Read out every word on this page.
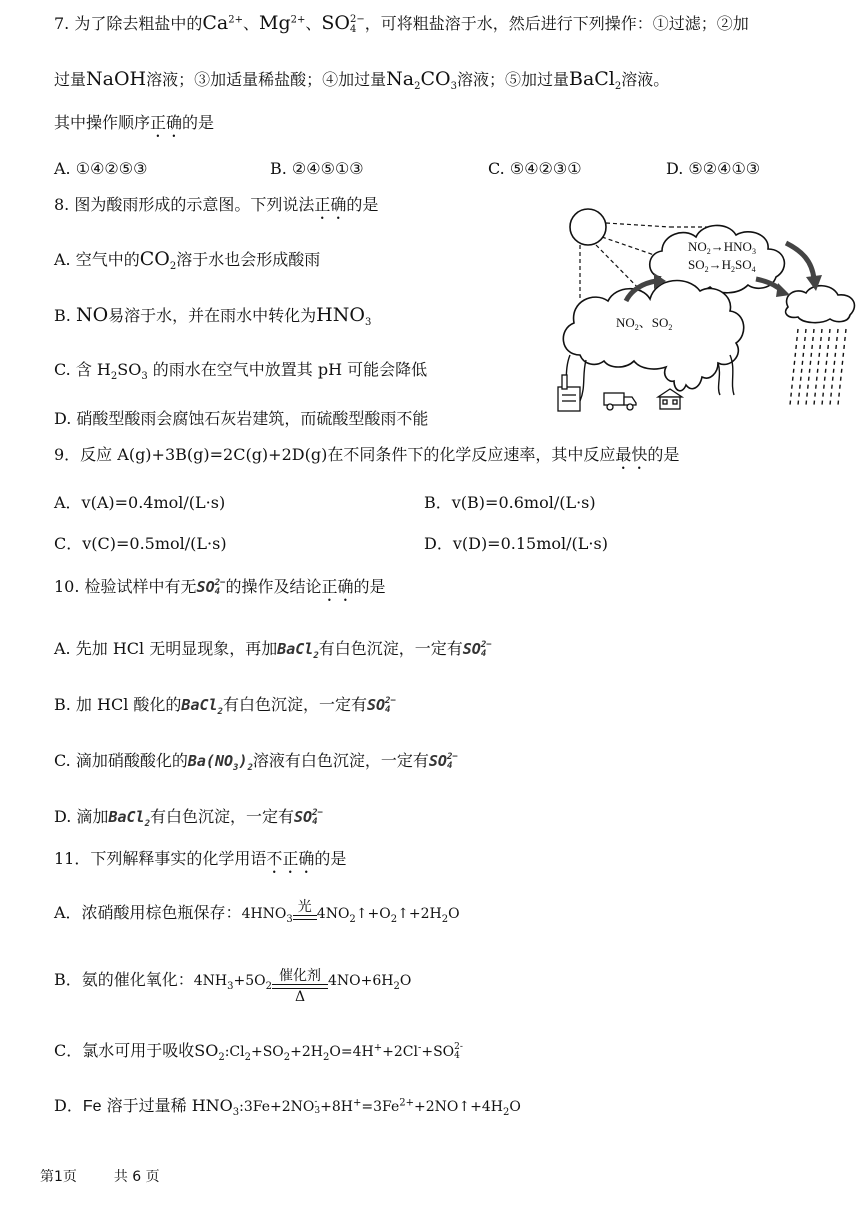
7. 为了除去粗盐中的$Ca^{2+}$、$Mg^{2+}$、SO 2−
4 ，可将粗盐溶于水，然后进行下列操作：①过滤；②加
过量NaOH溶液；③加适量稀盐酸；④加过量$Na_2CO_3$溶液；⑤加过量BaCl$_2$溶液。
其中操作顺序正确的是
A. ①④②⑤③	B. ②④⑤①③	C. ⑤④②③①	D. ⑤②④①③
8. 图为酸雨形成的示意图。下列说法正确的是
A. 空气中的$CO_2$溶于水也会形成酸雨
B. NO易溶于水，并在雨水中转化为$HNO_3$
C. 含 $H_2SO_3$ 的雨水在空气中放置其 pH 可能会降低
D. 硝酸型酸雨会腐蚀石灰岩建筑，而硫酸型酸雨不能
$NO_2\to HNO_3$
$SO_2\to H_2SO_4$
$NO_2$、$SO_2$
9．反应 A(g)+3B(g)=2C(g)+2D(g)在不同条件下的化学反应速率，其中反应最快的是
A．v(A)=0.4mol/(L·s)	B．v(B)=0.6mol/(L·s)
C．v(C)=0.5mol/(L·s)	D．v(D)=0.15mol/(L·s)
10. 检验试样中有无SO 2−
4 的操作及结论正确的是
A. 先加 HCl 无明显现象，再加BaCl$_2$有白色沉淀，一定有SO 2−
4
B. 加 HCl 酸化的BaCl$_2$有白色沉淀，一定有SO 2−
4
C. 滴加硝酸酸化的$Ba(NO_3)_2$溶液有白色沉淀，一定有SO 2−
4
D. 滴加BaCl$_2$有白色沉淀，一定有SO 2−
4
11．下列解释事实的化学用语不正确的是
A．浓硝酸用棕色瓶保存：$4HNO_3$
光 $4NO_2↑+O_2↑+2H_2O$
B．氨的催化氧化：$4NH_3+5O_2$
催化剂
Δ
$4NO+6H_2O$
C．氯水可用于吸收$SO_2:Cl_2+SO_2+2H_2O=4H^++2Cl^-+SO$ 2-
4
D．Fe 溶于过量稀 $HNO_3:3Fe+2NO$ -
$3 +8H^+=3Fe^{2+}+2NO↑+4H_2O$
第1页	共 6 页
